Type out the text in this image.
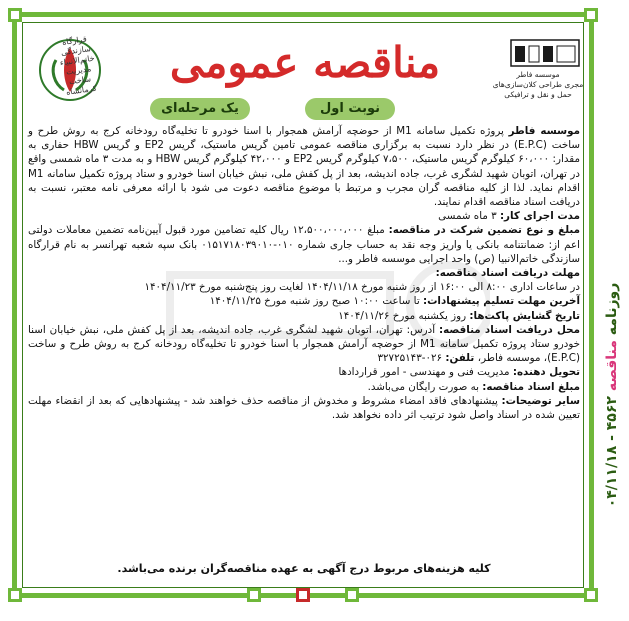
قرارگاه سازندگی خاتم‌الانبیاء
مدیریت ساخت کرمانشاه
موسسه فاطر
مجری طراحی کلان‌سازی‌های حمل و نقل‌ و ترافیکی
مناقصه عمومی
یک مرحله‌ای	نوبت اول

موسسه فاطر پروژه تکمیل سامانه M1 از حوضچه آرامش همجوار با اسنا خودرو تا تخلیه‌گاه رودخانه کرج به روش طرح و ساخت (E.P.C) در نظر دارد نسبت به برگزاری مناقصه عمومی تامین گریس ماستیک، گریس EP2 و گریس HBW حفاری به مقدار: ۶۰،۰۰۰ کیلوگرم گریس ماستیک، ۷،۵۰۰ کیلوگرم گریس EP2 و ۴۲،۰۰۰ کیلوگرم گریس HBW و به مدت ۳ ماه شمسی واقع در تهران، اتوبان شهید لشگری غرب، جاده اندیشه، بعد از پل کفش ملی، نبش خیابان اسنا خودرو و ستاد پروژه تکمیل سامانه M1 اقدام نماید. لذا از کلیه مناقصه گران مجرب و مرتبط با موضوع مناقصه دعوت می شود با ارائه معرفی نامه معتبر، نسبت به دریافت اسناد مناقصه اقدام نمایند.

مدت اجرای کار: ۳ ماه شمسی

مبلغ و نوع تضمین شرکت در مناقصه: مبلغ ۱۲،۵۰۰،۰۰۰،۰۰۰ ریال کلیه تضامین مورد قبول آیین‌نامه تضمین معاملات دولتی اعم از: ضمانتنامه بانکی یا واریز وجه نقد به حساب جاری شماره ۰۱۰-۰۱۵۱۷۱۸۰۳۹۰۱۰ بانک سپه شعبه تهرانسر به نام قرارگاه سازندگی خاتم‌الانبیا (ص) واحد اجرایی موسسه فاطر و...

مهلت دریافت اسناد مناقصه:

در ساعات اداری ۸:۰۰ الی ۱۶:۰۰ از روز شنبه مورخ ۱۴۰۴/۱۱/۱۸ لغایت روز پنج‌شنبه مورخ ۱۴۰۴/۱۱/۲۳

آخرین مهلت تسلیم پیشنهادات: تا ساعت ۱۰:۰۰ صبح روز شنبه مورخ ۱۴۰۴/۱۱/۲۵

تاریخ گشایش پاکت‌ها: روز یکشنبه مورخ ۱۴۰۴/۱۱/۲۶

محل دریافت اسناد مناقصه: آدرس: تهران، اتوبان شهید لشگری غرب، جاده اندیشه، بعد از پل کفش ملی، نبش خیابان اسنا خودرو ستاد پروژه تکمیل سامانه M1 از حوضچه آرامش همجوار با اسنا خودرو تا تخلیه‌گاه رودخانه کرج به روش طرح و ساخت (E.P.C)، موسسه فاطر، تلفن: ۰۲۶-۳۲۷۲۵۱۴۳

تحویل دهنده: مدیریت فنی و مهندسی - امور قرارداد‌ها

مبلغ اسناد مناقصه: به صورت رایگان می‌باشد.

سایر توضیحات: پیشنهادهای فاقد امضاء مشروط و مخدوش از مناقصه حذف خواهند شد - پیشنهادهایی که بعد از انقضاء مهلت تعیین شده در اسناد واصل شود ترتیب اثر داده نخواهد شد.

کلیه هزینه‌های مربوط درج آگهی به عهده مناقصه‌گران برنده می‌باشد.
روزنامه مناقصه ۴۵۶۲ - ۰۴/۱۱/۱۸
